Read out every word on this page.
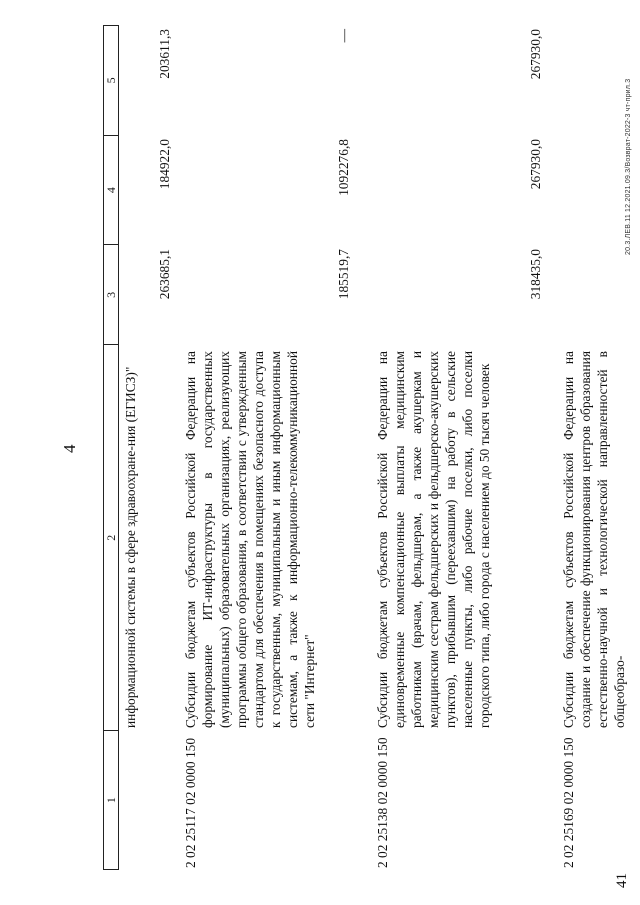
4
1
2
3
4
5
информационной системы в сфере здравоохране-ния (ЕГИСЗ)"
263685,1
184922,0
203611,3
2 02 25117 02 0000 150
Субсидии бюджетам субъектов Российской Федерации на формирование ИТ-инфраструктуры в государственных (муниципальных) образовательных организациях, реализующих программы общего образования, в соответствии с утвержденным стандартом для обеспечения в помещениях безопасного доступа к государственным, муниципальным и иным информационным системам, а также к информационно-телекоммуникационной сети "Интернет"
185519,7
1092276,8
—
2 02 25138 02 0000 150
Субсидии бюджетам субъектов Российской Федерации на единовременные компенсационные выплаты медицинским работникам (врачам, фельдшерам, а также акушеркам и медицинским сестрам фельдшерских и фельдшерско-акушерских пунктов), прибывшим (переехавшим) на работу в сельские населенные пункты, либо рабочие поселки, либо поселки городского типа, либо города с населением до 50 тысяч человек
318435,0
267930,0
267930,0
2 02 25169 02 0000 150
Субсидии бюджетам субъектов Российской Федерации на создание и обеспечение функционирования центров образования естественно-научной и технологической направленностей в общеобразо-
20.3.ЛЕВ.11 12.2021.09.3/Возврат-2022-3 чт-прил.3
41
